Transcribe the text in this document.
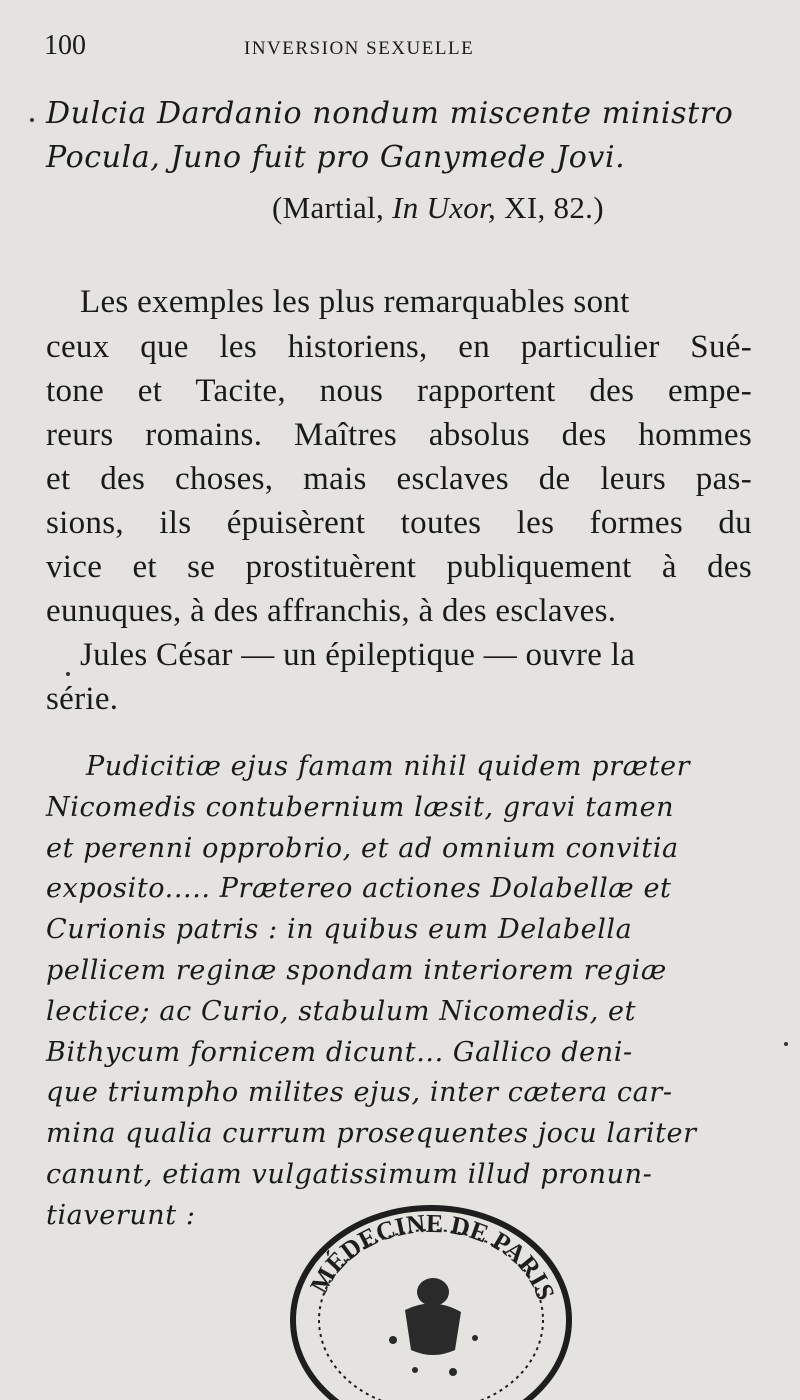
100	INVERSION SEXUELLE
Dulcia Dardanio nondum miscente ministro
Pocula, Juno fuit pro Ganymede Jovi.
(Martial, In Uxor, XI, 82.)
Les exemples les plus remarquables sont
ceux que les historiens, en particulier Sué-
tone et Tacite, nous rapportent des empe-
reurs romains. Maîtres absolus des hommes
et des choses, mais esclaves de leurs pas-
sions, ils épuisèrent toutes les formes du
vice et se prostituèrent publiquement à des
eunuques, à des affranchis, à des esclaves.
Jules César — un épileptique — ouvre la
série.
Pudicitiæ ejus famam nihil quidem præter
Nicomedis contubernium læsit, gravi tamen
et perenni opprobrio, et ad omnium convitia
exposito..... Prætereo actiones Dolabellæ et
Curionis patris : in quibus eum Delabella
pellicem reginæ spondam interiorem regiæ
lectice; ac Curio, stabulum Nicomedis, et
Bithycum fornicem dicunt... Gallico deni-
que triumpho milites ejus, inter cætera car-
mina qualia currum prosequentes jocu lariter
canunt, etiam vulgatissimum illud pronun-
tiaverunt :
MÉDECINE DE PARIS
